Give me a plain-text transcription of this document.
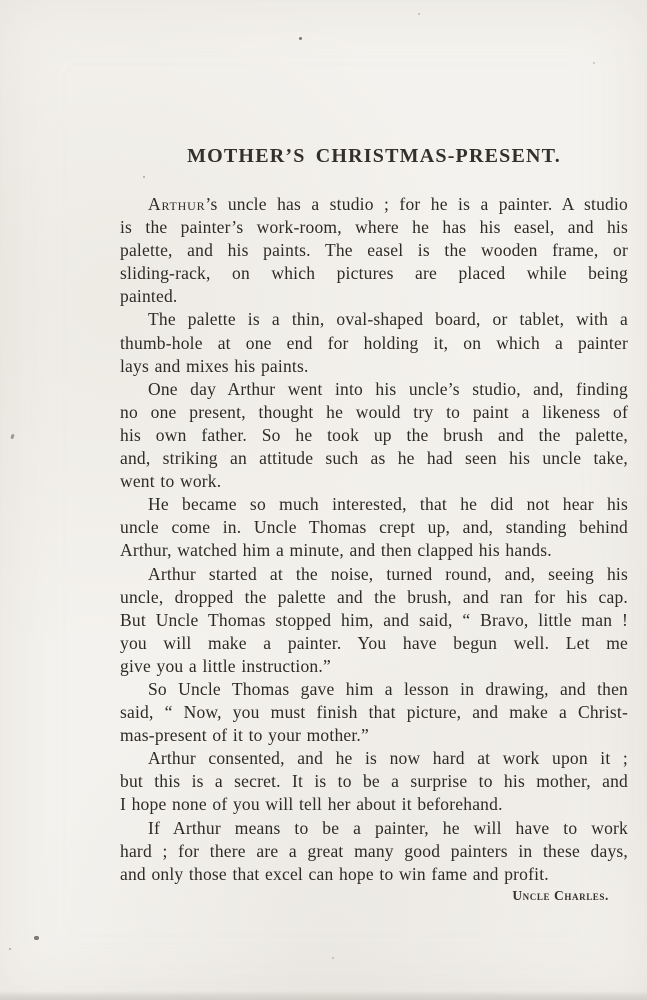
MOTHER’S CHRISTMAS-PRESENT.
Arthur’s uncle has a studio ; for he is a painter. A studio
is the painter’s work-room, where he has his easel, and his
palette, and his paints. The easel is the wooden frame, or
sliding-rack, on which pictures are placed while being
painted.
The palette is a thin, oval-shaped board, or tablet, with a
thumb-hole at one end for holding it, on which a painter
lays and mixes his paints.
One day Arthur went into his uncle’s studio, and, finding
no one present, thought he would try to paint a likeness of
his own father. So he took up the brush and the palette,
and, striking an attitude such as he had seen his uncle take,
went to work.
He became so much interested, that he did not hear his
uncle come in. Uncle Thomas crept up, and, standing behind
Arthur, watched him a minute, and then clapped his hands.
Arthur started at the noise, turned round, and, seeing his
uncle, dropped the palette and the brush, and ran for his cap.
But Uncle Thomas stopped him, and said, “ Bravo, little man !
you will make a painter. You have begun well. Let me
give you a little instruction.”
So Uncle Thomas gave him a lesson in drawing, and then
said, “ Now, you must finish that picture, and make a Christ-
mas-present of it to your mother.”
Arthur consented, and he is now hard at work upon it ;
but this is a secret. It is to be a surprise to his mother, and
I hope none of you will tell her about it beforehand.
If Arthur means to be a painter, he will have to work
hard ; for there are a great many good painters in these days,
and only those that excel can hope to win fame and profit.
Uncle Charles.
